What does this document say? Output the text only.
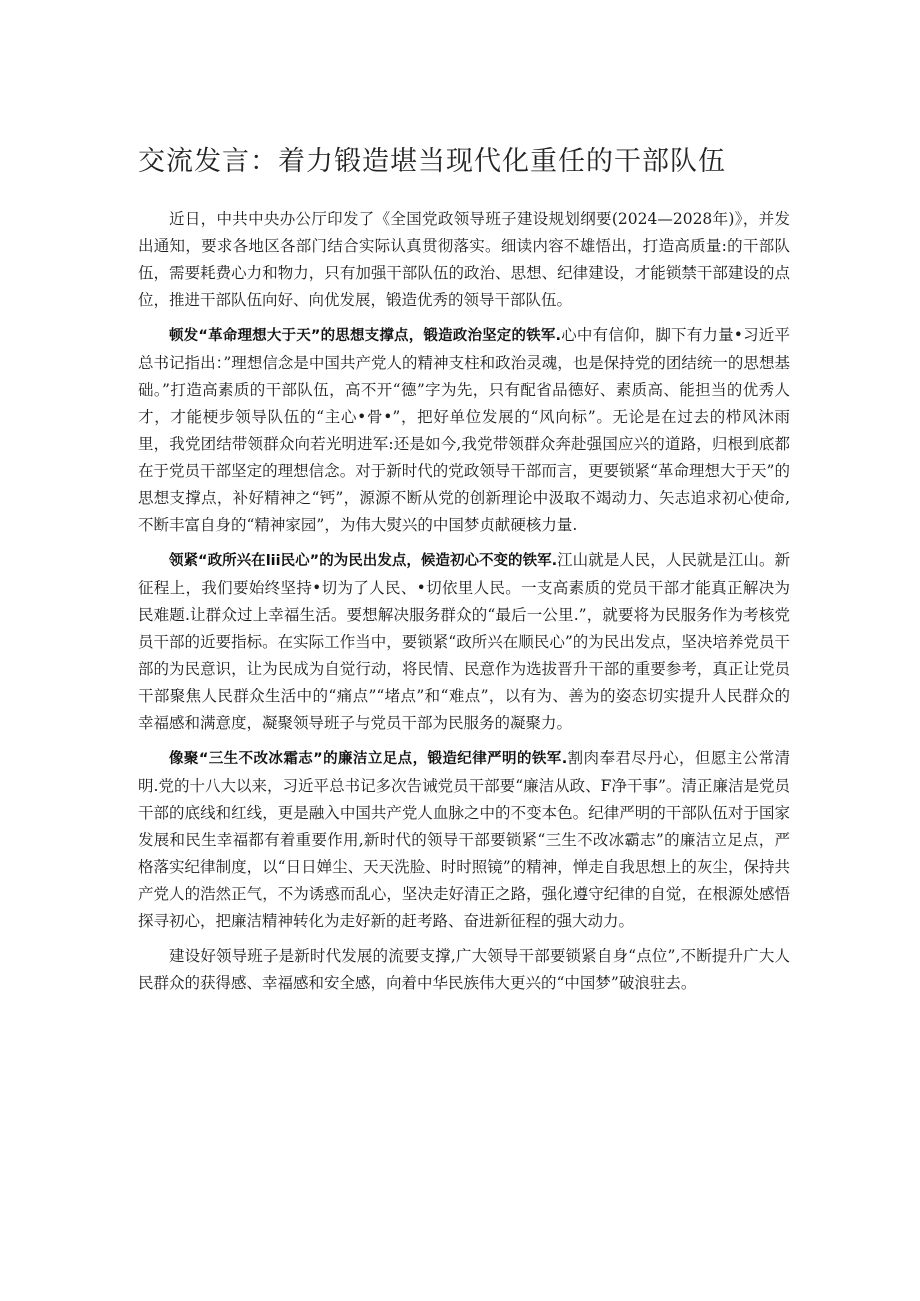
交流发言：着力锻造堪当现代化重任的干部队伍

近日，中共中央办公厅印发了《全国党政领导班子建设规划纲要(2024—2028年)》，并发出通知，要求各地区各部门结合实际认真贯彻落实。细读内容不雄悟出，打造高质量:的干部队伍，需要耗费心力和物力，只有加强干部队伍的政治、思想、纪律建设，才能锁禁干部建设的点位，推进干部队伍向好、向优发展，锻造优秀的领导干部队伍。

顿发“革命理想大于天”的思想支撑点，锻造政治坚定的铁军.心中有信仰，脚下有力量•习近平总书记指出：”理想信念是中国共产党人的精神支柱和政治灵魂，也是保持党的团结统一的思想基础。”打造高素质的干部队伍，高不开“德”字为先，只有配省品德好、素质高、能担当的优秀人才，才能梗步领导队伍的“主心•骨•”，把好单位发展的“风向标”。无论是在过去的栉风沐雨里，我党团结带领群众向若光明进军:还是如今,我党带领群众奔赴强国应兴的道路，归根到底都在于党员干部坚定的理想信念。对于新时代的党政领导干部而言，更要锁紧“革命理想大于天”的思想支撑点，补好精神之“钙”，源源不断从党的创新理论中汲取不竭动力、矢志追求初心使命,不断丰富自身的“精神家园”，为伟大熨兴的中国梦贞献硬核力量.

领紧“政所兴在lii民心”的为民出发点，候造初心不变的铁军.江山就是人民，人民就是江山。新征程上，我们要始终坚持•切为了人民、•切依里人民。一支高素质的党员干部才能真正解决为民难题.让群众过上幸福生活。要想解决服务群众的“最后一公里.”，就要将为民服务作为考核党员干部的近要指标。在实际工作当中，要锁紧“政所兴在顺民心”的为民出发点，坚决培养党员干部的为民意识，让为民成为自觉行动，将民情、民意作为选拔晋升干部的重要参考，真正让党员干部聚焦人民群众生活中的“痛点”“堵点”和“难点”，以有为、善为的姿态切实提升人民群众的幸福感和满意度，凝聚领导班子与党员干部为民服务的凝聚力。

像聚“三生不改冰霜志”的廉洁立足点，锻造纪律严明的铁军.割肉奉君尽丹心，但愿主公常清明.党的十八大以来，习近平总书记多次告诫党员干部要“廉洁从政、F净干事”。清正廉洁是党员干部的底线和红线，更是融入中国共产党人血脉之中的不变本色。纪律严明的干部队伍对于国家发展和民生幸福都有着重要作用,新时代的领导干部要锁紧“三生不改冰霸志”的廉洁立足点，严格落实纪律制度，以“日日婵尘、天天洗脸、时时照镜”的精神，惮走自我思想上的灰尘，保持共产党人的浩然正气，不为诱惑而乱心，坚决走好清正之路，强化遵守纪律的自觉，在根源处感悟探寻初心，把廉洁精神转化为走好新的赶考路、奋进新征程的强大动力。

建设好领导班子是新时代发展的流要支撑,广大领导干部要锁紧自身“点位”,不断提升广大人民群众的获得感、幸福感和安全感，向着中华民族伟大更兴的“中国梦”破浪驻去。
